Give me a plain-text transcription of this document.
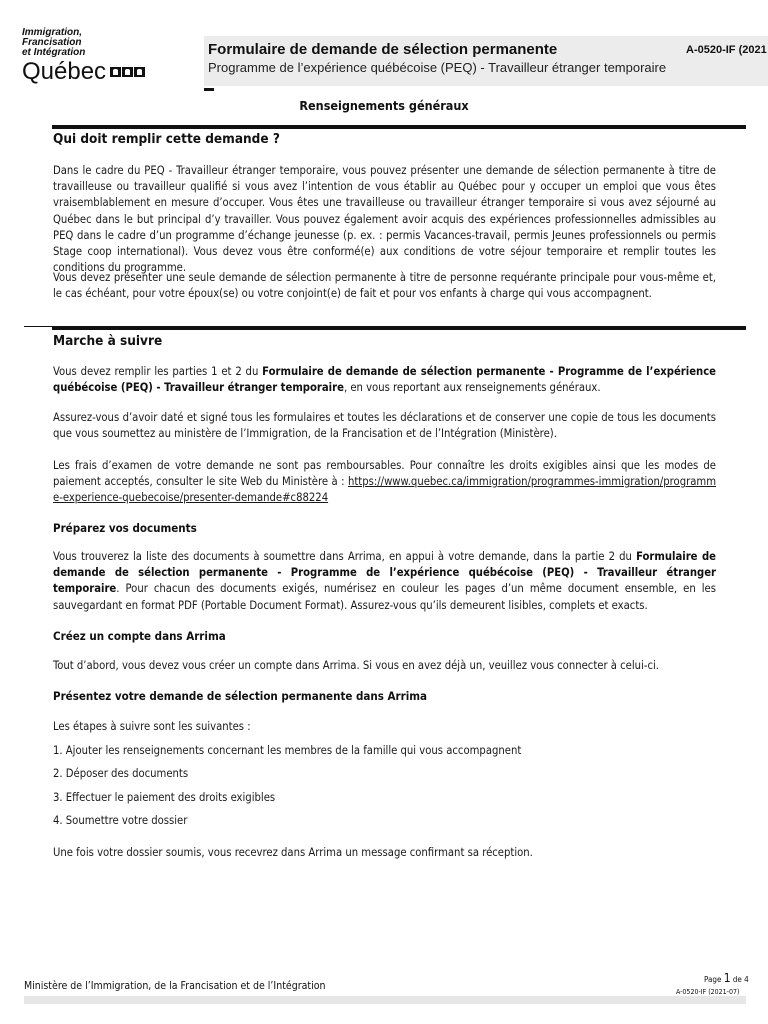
Immigration,
Francisation
et Intégration
Québec
Formulaire de demande de sélection permanente	A-0520-IF (2021
Programme de l’expérience québécoise (PEQ) - Travailleur étranger temporaire
Renseignements généraux
Qui doit remplir cette demande ?
Dans le cadre du PEQ - Travailleur étranger temporaire, vous pouvez présenter une demande de sélection permanente à titre de travailleuse ou travailleur qualifié si vous avez l’intention de vous établir au Québec pour y occuper un emploi que vous êtes vraisemblablement en mesure d’occuper. Vous êtes une travailleuse ou travailleur étranger temporaire si vous avez séjourné au Québec dans le but principal d’y travailler. Vous pouvez également avoir acquis des expériences professionnelles admissibles au PEQ dans le cadre d’un programme d’échange jeunesse (p. ex. : permis Vacances-travail, permis Jeunes professionnels ou permis Stage coop international). Vous devez vous être conformé(e) aux conditions de votre séjour temporaire et remplir toutes les conditions du programme.
Vous devez présenter une seule demande de sélection permanente à titre de personne requérante principale pour vous-même et, le cas échéant, pour votre époux(se) ou votre conjoint(e) de fait et pour vos enfants à charge qui vous accompagnent.
Marche à suivre
Vous devez remplir les parties 1 et 2 du Formulaire de demande de sélection permanente - Programme de l’expérience québécoise (PEQ) - Travailleur étranger temporaire, en vous reportant aux renseignements généraux.
Assurez-vous d’avoir daté et signé tous les formulaires et toutes les déclarations et de conserver une copie de tous les documents que vous soumettez au ministère de l’Immigration, de la Francisation et de l’Intégration (Ministère).
Les frais d’examen de votre demande ne sont pas remboursables. Pour connaître les droits exigibles ainsi que les modes de paiement acceptés, consulter le site Web du Ministère à : https://www.quebec.ca/immigration/programmes-immigration/programme-experience-quebecoise/presenter-demande#c88224
Préparez vos documents
Vous trouverez la liste des documents à soumettre dans Arrima, en appui à votre demande, dans la partie 2 du Formulaire de demande de sélection permanente - Programme de l’expérience québécoise (PEQ) - Travailleur étranger temporaire. Pour chacun des documents exigés, numérisez en couleur les pages d’un même document ensemble, en les sauvegardant en format PDF (Portable Document Format). Assurez-vous qu’ils demeurent lisibles, complets et exacts.
Créez un compte dans Arrima
Tout d’abord, vous devez vous créer un compte dans Arrima. Si vous en avez déjà un, veuillez vous connecter à celui-ci.
Présentez votre demande de sélection permanente dans Arrima
Les étapes à suivre sont les suivantes :
1. Ajouter les renseignements concernant les membres de la famille qui vous accompagnent
2. Déposer des documents
3. Effectuer le paiement des droits exigibles
4. Soumettre votre dossier
Une fois votre dossier soumis, vous recevrez dans Arrima un message confirmant sa réception.
Ministère de l’Immigration, de la Francisation et de l’Intégration
Page 1 de 4
A-0520-IF (2021-07)
